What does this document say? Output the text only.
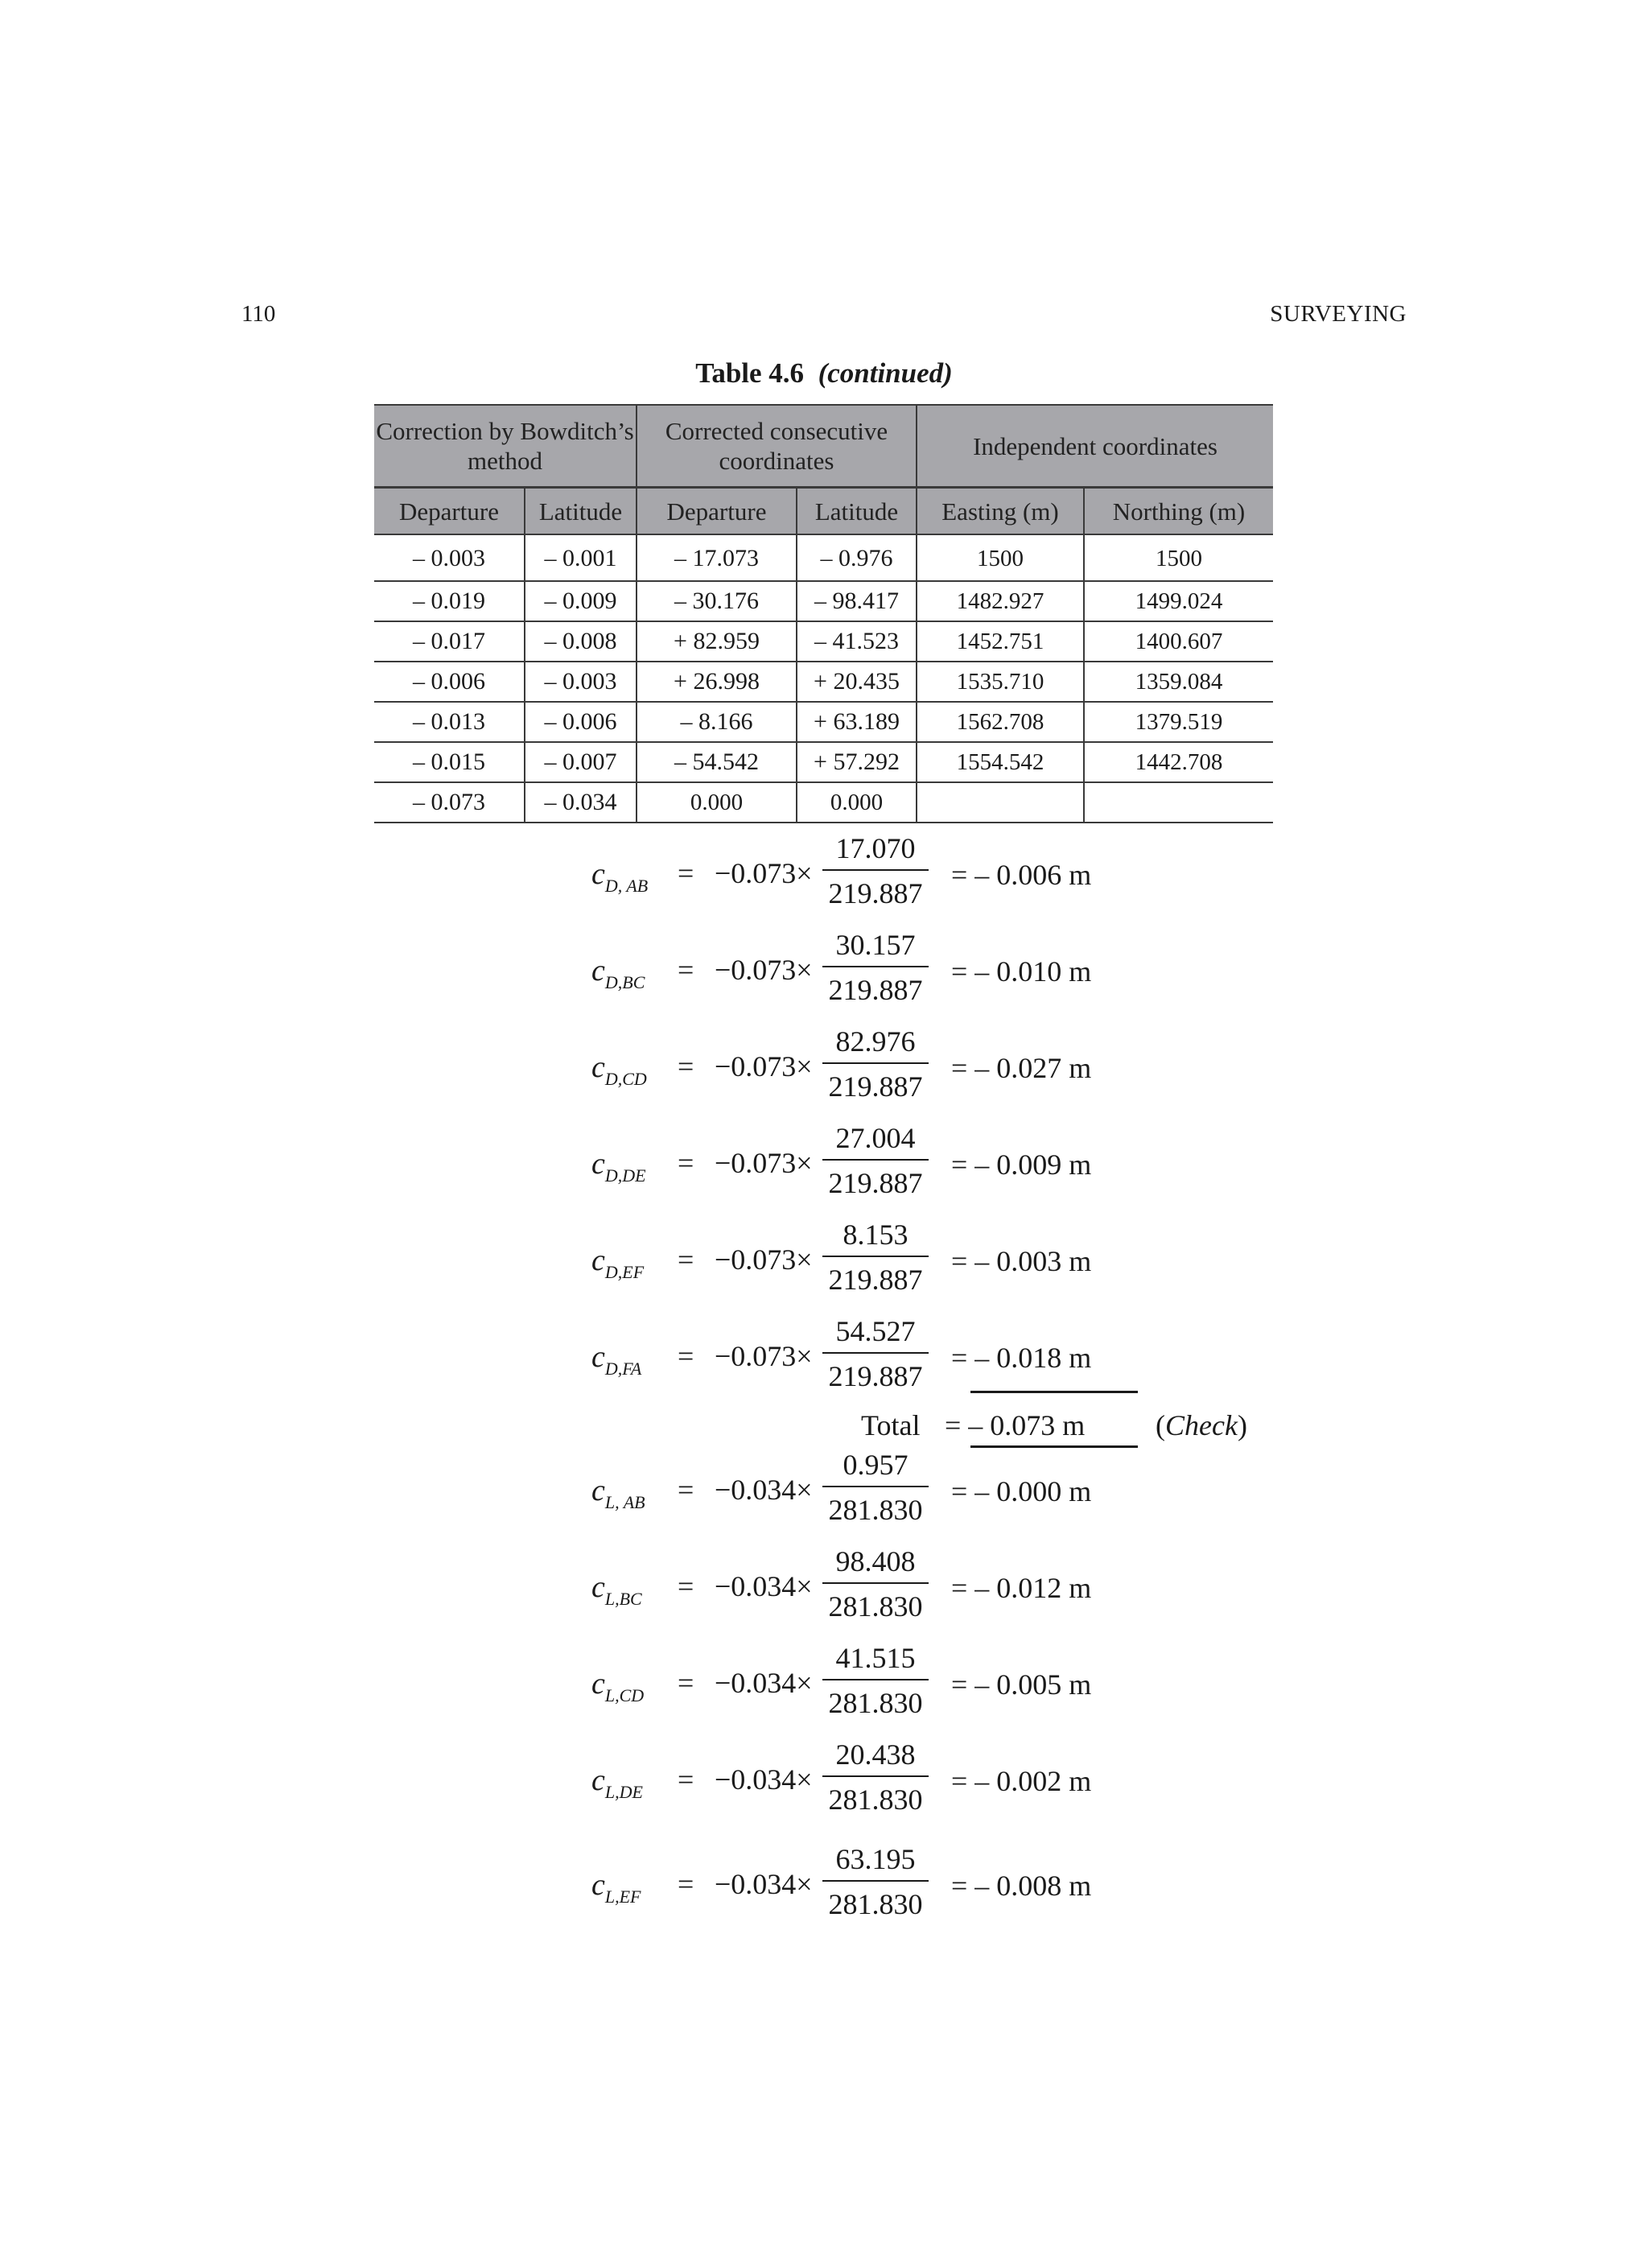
110	SURVEYING
Table 4.6 (continued)
Correction by Bowditch’s method		Corrected consecutive coordinates		Independent coordinates	
Departure	Latitude	Departure	Latitude	Easting (m)	Northing (m)
– 0.003	– 0.001	– 17.073	– 0.976	1500	1500
– 0.019	– 0.009	– 30.176	– 98.417	1482.927	1499.024
– 0.017	– 0.008	+ 82.959	– 41.523	1452.751	1400.607
– 0.006	– 0.003	+ 26.998	+ 20.435	1535.710	1359.084
– 0.013	– 0.006	– 8.166	+ 63.189	1562.708	1379.519
– 0.015	– 0.007	– 54.542	+ 57.292	1554.542	1442.708
– 0.073	– 0.034	0.000	0.000		
$c_{D, AB} = -0.073\times$
17.070
219.887
= – 0.006 m
$c_{D,BC} = -0.073\times$
30.157
219.887
= – 0.010 m
$c_{D,CD} = -0.073\times$
82.976
219.887
= – 0.027 m
$c_{D,DE} = -0.073\times$
27.004
219.887
= – 0.009 m
$c_{D,EF} = -0.073\times$
8.153
219.887
= – 0.003 m
$c_{D,FA} = -0.073\times$
54.527
219.887
= – 0.018 m
$c_{L, AB} = -0.034\times$
0.957
281.830
= – 0.000 m
$c_{L,BC} = -0.034\times$
98.408
281.830
= – 0.012 m
$c_{L,CD} = -0.034\times$
41.515
281.830
= – 0.005 m
$c_{L,DE} = -0.034\times$
20.438
281.830
= – 0.002 m
$c_{L,EF} = -0.034\times$
63.195
281.830
= – 0.008 m
Total = – 0.073 m (Check)
